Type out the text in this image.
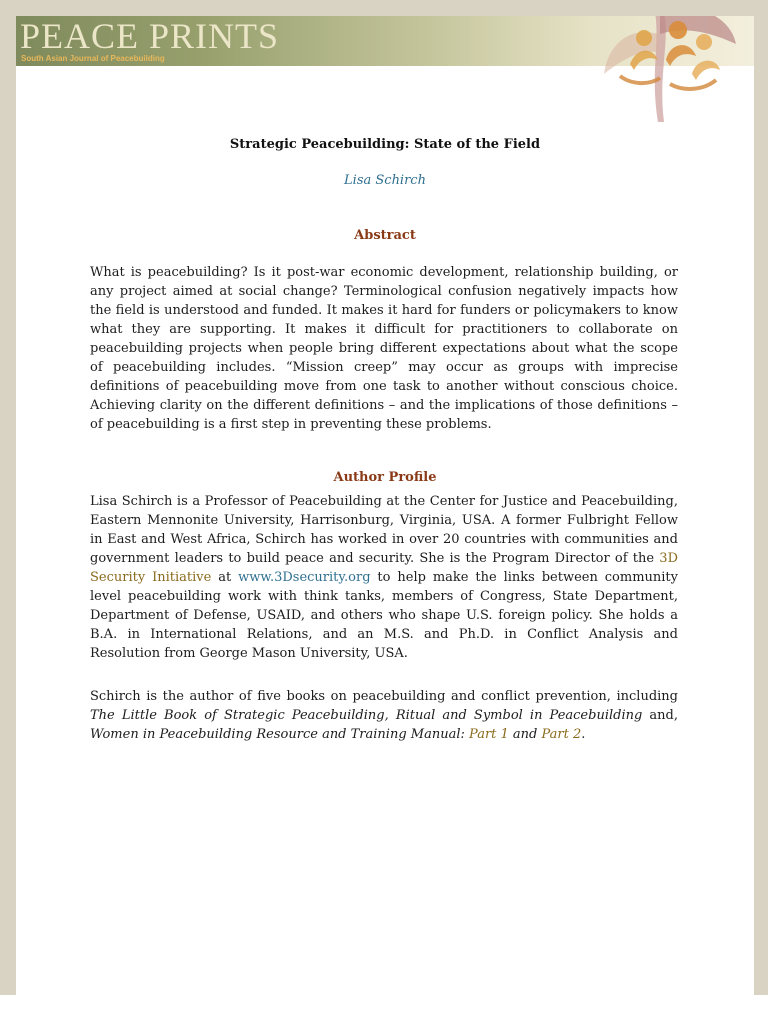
PEACE PRINTS
South Asian Journal of Peacebuilding
Strategic Peacebuilding: State of the Field
Lisa Schirch
Abstract

What is peacebuilding? Is it post-war economic development, relationship building, or any project aimed at social change? Terminological confusion negatively impacts how the field is understood and funded. It makes it hard for funders or policymakers to know what they are supporting. It makes it difficult for practitioners to collaborate on peacebuilding projects when people bring different expectations about what the scope of peacebuilding includes. “Mission creep” may occur as groups with imprecise definitions of peacebuilding move from one task to another without conscious choice. Achieving clarity on the different definitions – and the implications of those definitions – of peacebuilding is a first step in preventing these problems.

Author Profile

Lisa Schirch is a Professor of Peacebuilding at the Center for Justice and Peacebuilding, Eastern Mennonite University, Harrisonburg, Virginia, USA. A former Fulbright Fellow in East and West Africa, Schirch has worked in over 20 countries with communities and government leaders to build peace and security. She is the Program Director of the 3D Security Initiative at www.3Dsecurity.org to help make the links between community level peacebuilding work with think tanks, members of Congress, State Department, Department of Defense, USAID, and others who shape U.S. foreign policy. She holds a B.A. in International Relations, and an M.S. and Ph.D. in Conflict Analysis and Resolution from George Mason University, USA.

Schirch is the author of five books on peacebuilding and conflict prevention, including The Little Book of Strategic Peacebuilding, Ritual and Symbol in Peacebuilding and, Women in Peacebuilding Resource and Training Manual: Part 1 and Part 2.
